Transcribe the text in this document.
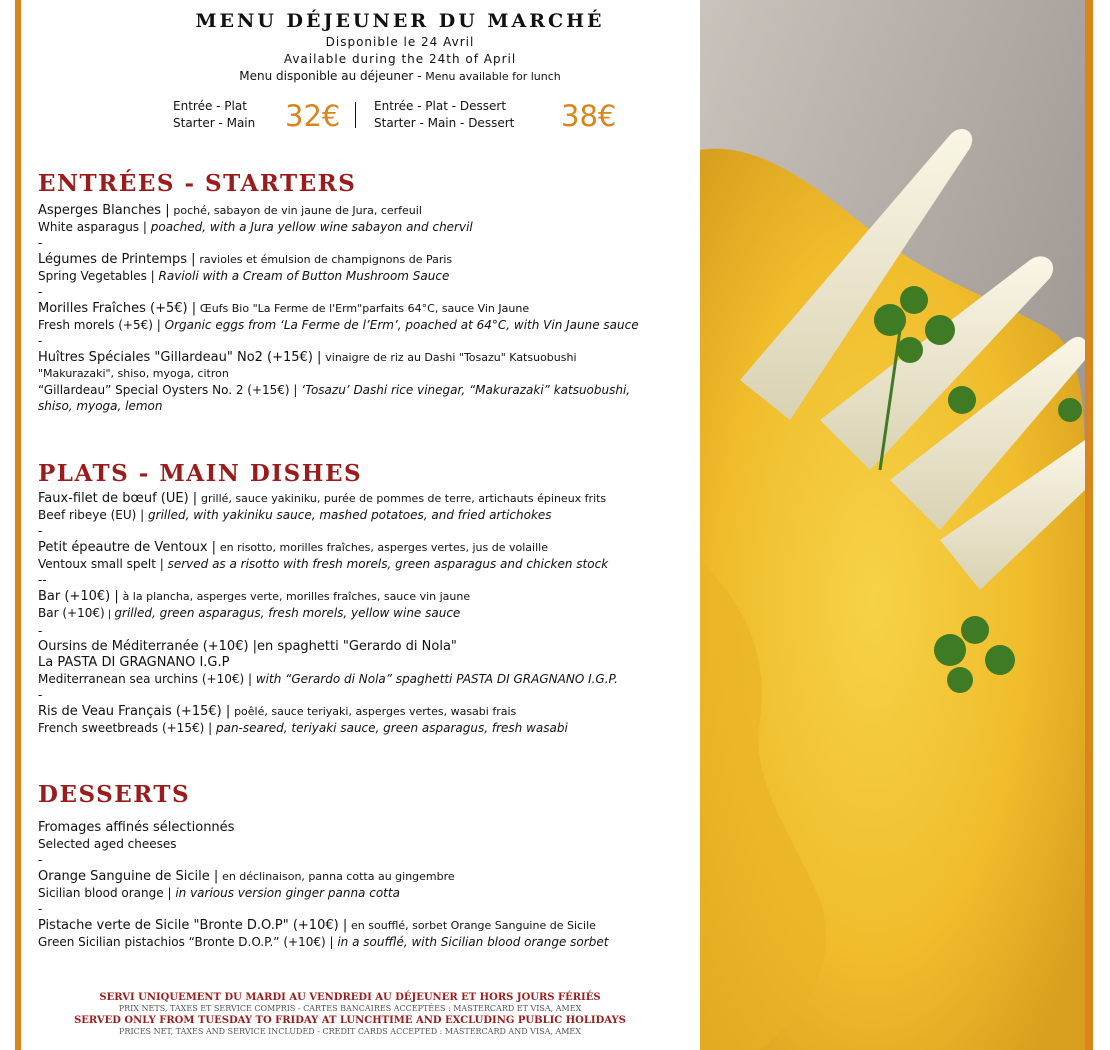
MENU DÉJEUNER DU MARCHÉ
Disponible le 24 Avril
Available during the 24th of April
Menu disponible au déjeuner - Menu available for lunch
Entrée - Plat
Starter - Main 32€	Entrée - Plat - Dessert
Starter - Main - Dessert 38€
ENTRÉES - STARTERS
Asperges Blanches | poché, sabayon de vin jaune de Jura, cerfeuil
White asparagus | poached, with a Jura yellow wine sabayon and chervil
-
Légumes de Printemps | ravioles et émulsion de champignons de Paris
Spring Vegetables | Ravioli with a Cream of Button Mushroom Sauce
-
Morilles Fraîches (+5€) | Œufs Bio "La Ferme de l'Erm"parfaits 64°C, sauce Vin Jaune
Fresh morels (+5€) | Organic eggs from ‘La Ferme de l’Erm’, poached at 64°C, with Vin Jaune sauce
-
Huîtres Spéciales "Gillardeau" No2 (+15€) | vinaigre de riz au Dashi "Tosazu" Katsuobushi
"Makurazaki", shiso, myoga, citron
“Gillardeau” Special Oysters No. 2 (+15€) | ‘Tosazu’ Dashi rice vinegar, “Makurazaki” katsuobushi,
shiso, myoga, lemon
PLATS - MAIN DISHES
Faux-filet de bœuf (UE) | grillé, sauce yakiniku, purée de pommes de terre, artichauts épineux frits
Beef ribeye (EU) | grilled, with yakiniku sauce, mashed potatoes, and fried artichokes
-
Petit épeautre de Ventoux | en risotto, morilles fraîches, asperges vertes, jus de volaille
Ventoux small spelt | served as a risotto with fresh morels, green asparagus and chicken stock
--
Bar (+10€) | à la plancha, asperges verte, morilles fraîches, sauce vin jaune
Bar (+10€) | grilled, green asparagus, fresh morels, yellow wine sauce
-
Oursins de Méditerranée (+10€) |en spaghetti "Gerardo di Nola"
La PASTA DI GRAGNANO I.G.P
Mediterranean sea urchins (+10€) | with “Gerardo di Nola” spaghetti PASTA DI GRAGNANO I.G.P.
-
Ris de Veau Français (+15€) | poêlé, sauce teriyaki, asperges vertes, wasabi frais
French sweetbreads (+15€) | pan-seared, teriyaki sauce, green asparagus, fresh wasabi
DESSERTS
Fromages affinés sélectionnés
Selected aged cheeses
-
Orange Sanguine de Sicile | en déclinaison, panna cotta au gingembre
Sicilian blood orange | in various version ginger panna cotta
-
Pistache verte de Sicile "Bronte D.O.P" (+10€) | en soufflé, sorbet Orange Sanguine de Sicile
Green Sicilian pistachios “Bronte D.O.P.” (+10€) | in a soufflé, with Sicilian blood orange sorbet
SERVI UNIQUEMENT DU MARDI AU VENDREDI AU DÉJEUNER ET HORS JOURS FÉRIÉS
PRIX NETS, TAXES ET SERVICE COMPRIS - CARTES BANCAIRES ACCEPTÉES : MASTERCARD ET VISA, AMEX
SERVED ONLY FROM TUESDAY TO FRIDAY AT LUNCHTIME AND EXCLUDING PUBLIC HOLIDAYS
PRICES NET, TAXES AND SERVICE INCLUDED - CREDIT CARDS ACCEPTED : MASTERCARD AND VISA, AMEX
